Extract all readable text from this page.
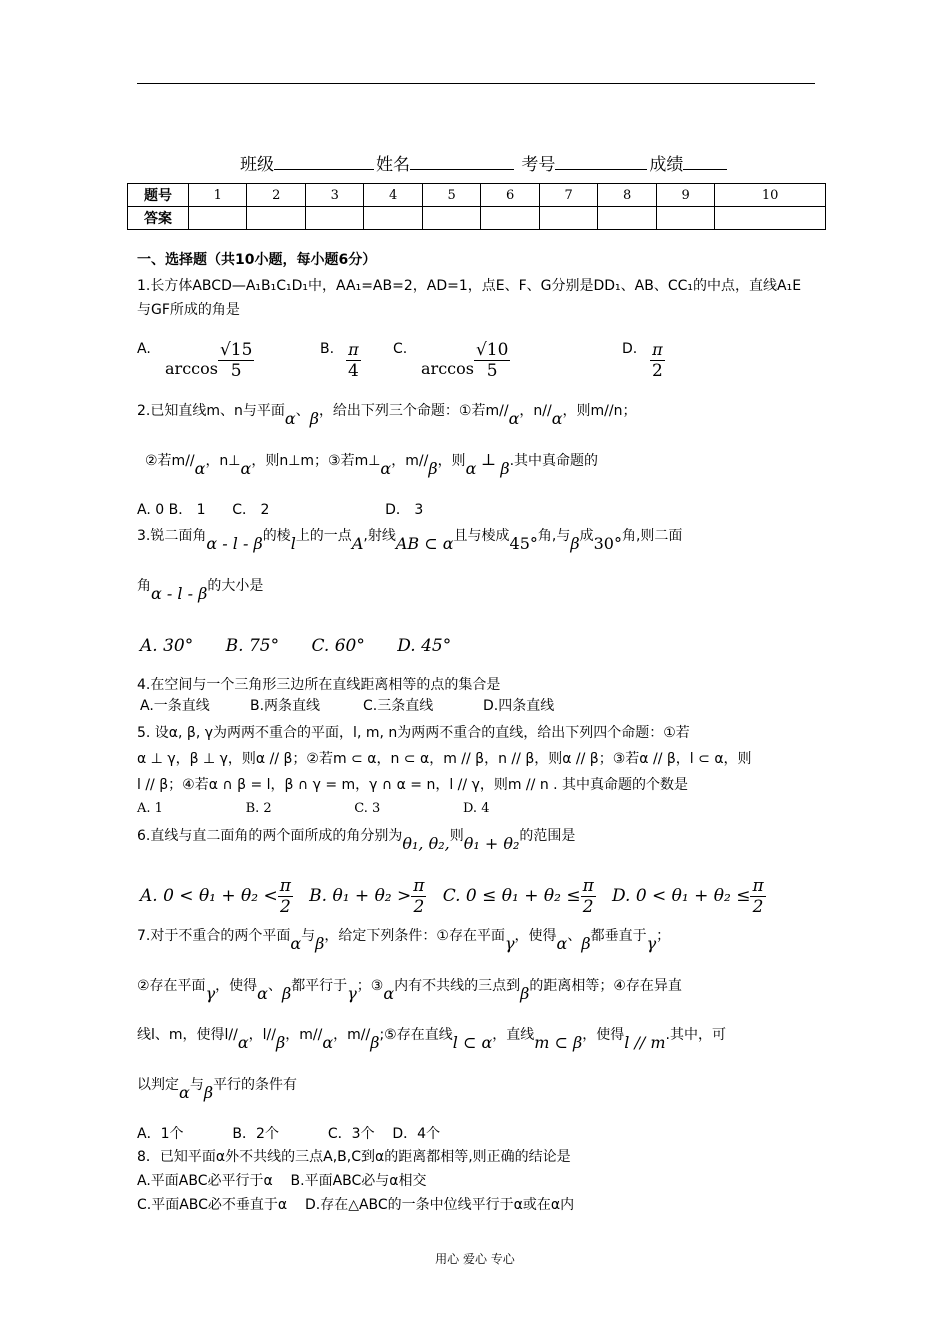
班级	姓名	考号	成绩
题号	1	2	3	4	5	6	7	8	9	10
答案										
一、选择题（共10小题，每小题6分）
1.长方体ABCD—A₁B₁C₁D₁中，AA₁=AB=2，AD=1，点E、F、G分别是DD₁、AB、CC₁的中点，直线A₁E
与GF所成的角是
A.
$\arccos \frac{√15}{5}$	B. $\frac{\pi}{4} C$.
$\arccos \frac{√10}{5}$	D. $\frac{\pi}{2}$
2.已知直线m、n与平面α、β，给出下列三个命题：①若m//α，n//α，则m//n；
②若m//α，n⊥α，则n⊥m；③若m⊥α，m//β，则α ⊥ β.其中真命题的
A. 0 B． 1      C． 2                          D． 3
3.锐二面角α - l - β的棱l上的一点A,射线AB ⊂ α且与棱成45°角,与β成30°角,则二面
角α - l - β的大小是
A. 30°      B. 75°      C. 60°      D. 45°
4.在空间与一个三角形三边所在直线距离相等的点的集合是
A.一条直线	B.两条直线	C.三条直线	D.四条直线
5. 设α, β, γ为两两不重合的平面，l, m, n为两两不重合的直线，给出下列四个命题：①若
α ⊥ γ，β ⊥ γ，则α // β；②若m ⊂ α，n ⊂ α，m // β，n // β，则α // β；③若α // β，l ⊂ α，则
l // β；④若α ∩ β = l，β ∩ γ = m，γ ∩ α = n，l // γ，则m // n . 其中真命题的个数是
A. 1                    B. 2                    C. 3                    D. 4
6.直线与直二面角的两个面所成的角分别为θ₁, θ₂,则θ₁ + θ₂的范围是
A. $0 < \theta_1 + \theta_2 < \frac{\pi}{2} B$. $\theta_1 + \theta_2 > \frac{\pi}{2} C$. $0 \le \theta_1 + \theta_2 \le \frac{\pi}{2} D$. $0 < \theta_1 + \theta_2 \le \frac{\pi}{2}$
7.对于不重合的两个平面α与β，给定下列条件：①存在平面γ，使得α、β都垂直于γ；
②存在平面γ，使得α、β都平行于γ；③α内有不共线的三点到β的距离相等；④存在异直
线l、m，使得l//α，l//β，m//α，m//β;⑤存在直线l ⊂ α，直线m ⊂ β，使得l // m.其中，可
以判定α与β平行的条件有
A．1个           B．2个           C．3个    D．4个
8．已知平面α外不共线的三点A,B,C到α的距离都相等,则正确的结论是
A.平面ABC必平行于α    B.平面ABC必与α相交
C.平面ABC必不垂直于α    D.存在△ABC的一条中位线平行于α或在α内
用心 爱心 专心
